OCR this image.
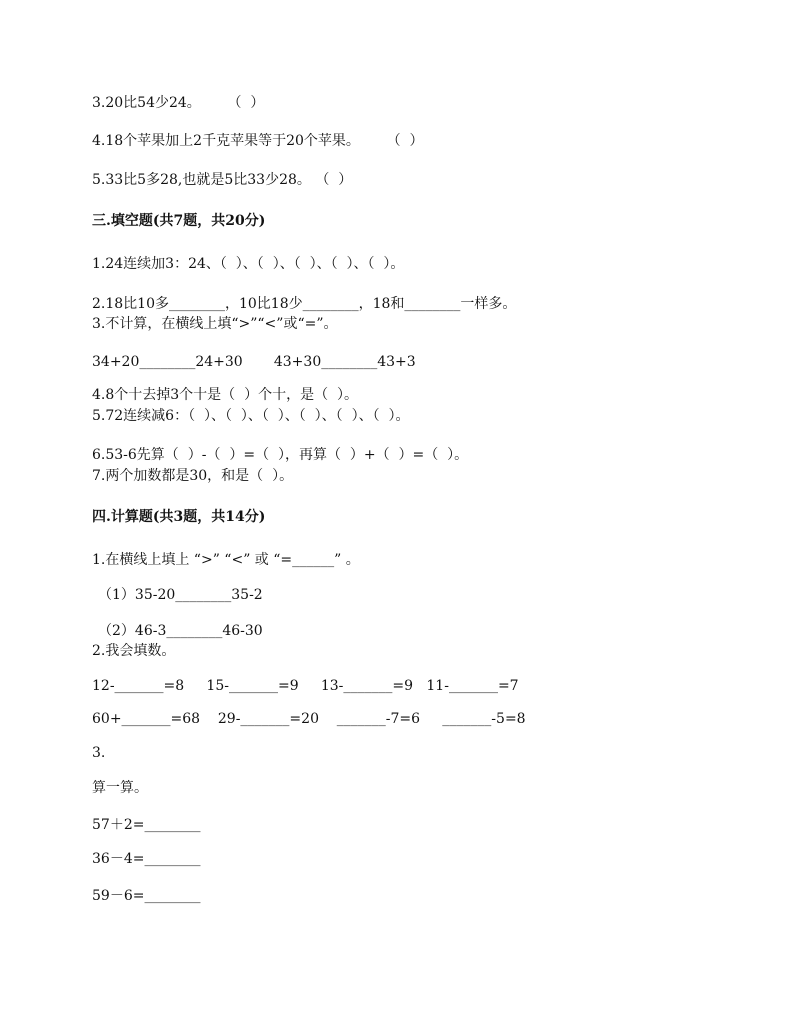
3.20比54少24。      （  ）
4.18个苹果加上2千克苹果等于20个苹果。      （  ）
5.33比5多28,也就是5比33少28。 （  ）
三.填空题(共7题，共20分)
1.24连续加3：24、（  ）、（  ）、（  ）、（  ）、（  ）。
2.18比10多________，10比18少________，18和________一样多。
3.不计算，在横线上填“>”“<”或“=”。
34+20________24+30       43+30________43+3
4.8个十去掉3个十是（  ）个十，是（  ）。
5.72连续减6：（  ）、（  ）、（  ）、（  ）、（  ）、（  ）。
6.53-6先算（  ）-（  ）=（  ），再算（  ）+（  ）=（  ）。
7.两个加数都是30，和是（  ）。
四.计算题(共3题，共14分)
1.在横线上填上 “>” “<” 或 “=______” 。
（1）35-20________35-2
（2）46-3________46-30
2.我会填数。
12-_______=8     15-_______=9     13-_______=9   11-_______=7
60+_______=68    29-_______=20    _______-7=6     _______-5=8
3.
算一算。
57＋2=________
36－4=________
59－6=________
